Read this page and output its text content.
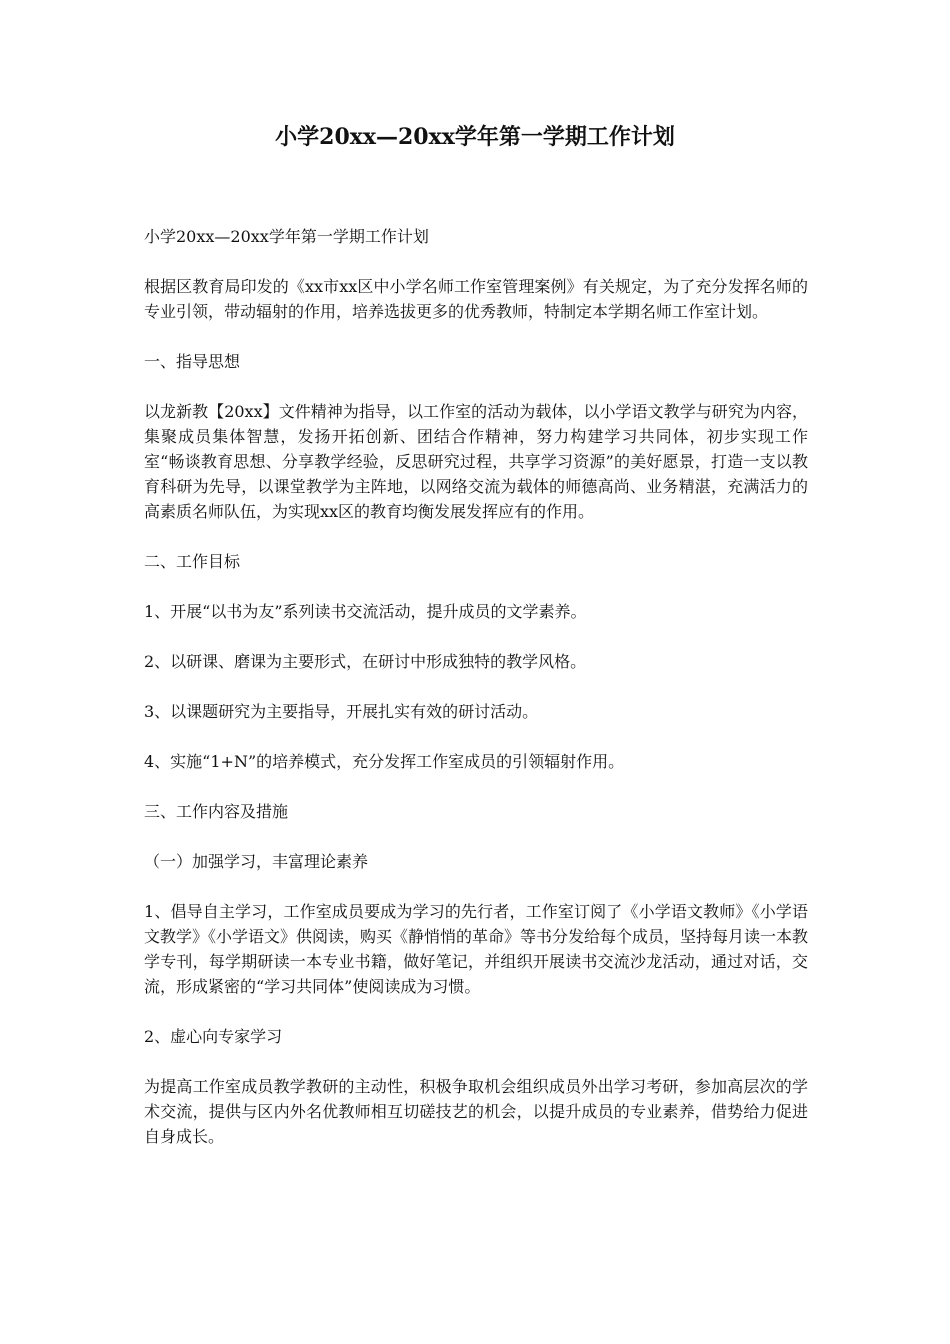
小学20xx—20xx学年第一学期工作计划

小学20xx—20xx学年第一学期工作计划

根据区教育局印发的《xx市xx区中小学名师工作室管理案例》有关规定，为了充分发挥名师的专业引领，带动辐射的作用，培养选拔更多的优秀教师，特制定本学期名师工作室计划。

一、指导思想

以龙新教【20xx】文件精神为指导，以工作室的活动为载体，以小学语文教学与研究为内容，集聚成员集体智慧，发扬开拓创新、团结合作精神，努力构建学习共同体，初步实现工作室“畅谈教育思想、分享教学经验，反思研究过程，共享学习资源”的美好愿景，打造一支以教育科研为先导，以课堂教学为主阵地，以网络交流为载体的师德高尚、业务精湛，充满活力的高素质名师队伍，为实现xx区的教育均衡发展发挥应有的作用。

二、工作目标

1、开展“以书为友”系列读书交流活动，提升成员的文学素养。

2、以研课、磨课为主要形式，在研讨中形成独特的教学风格。

3、以课题研究为主要指导，开展扎实有效的研讨活动。

4、实施“1+N”的培养模式，充分发挥工作室成员的引领辐射作用。

三、工作内容及措施

（一）加强学习，丰富理论素养

1、倡导自主学习，工作室成员要成为学习的先行者，工作室订阅了《小学语文教师》《小学语文教学》《小学语文》供阅读，购买《静悄悄的革命》等书分发给每个成员，坚持每月读一本教学专刊，每学期研读一本专业书籍，做好笔记，并组织开展读书交流沙龙活动，通过对话，交流，形成紧密的“学习共同体”使阅读成为习惯。

2、虚心向专家学习

为提高工作室成员教学教研的主动性，积极争取机会组织成员外出学习考研，参加高层次的学术交流，提供与区内外名优教师相互切磋技艺的机会，以提升成员的专业素养，借势给力促进自身成长。
